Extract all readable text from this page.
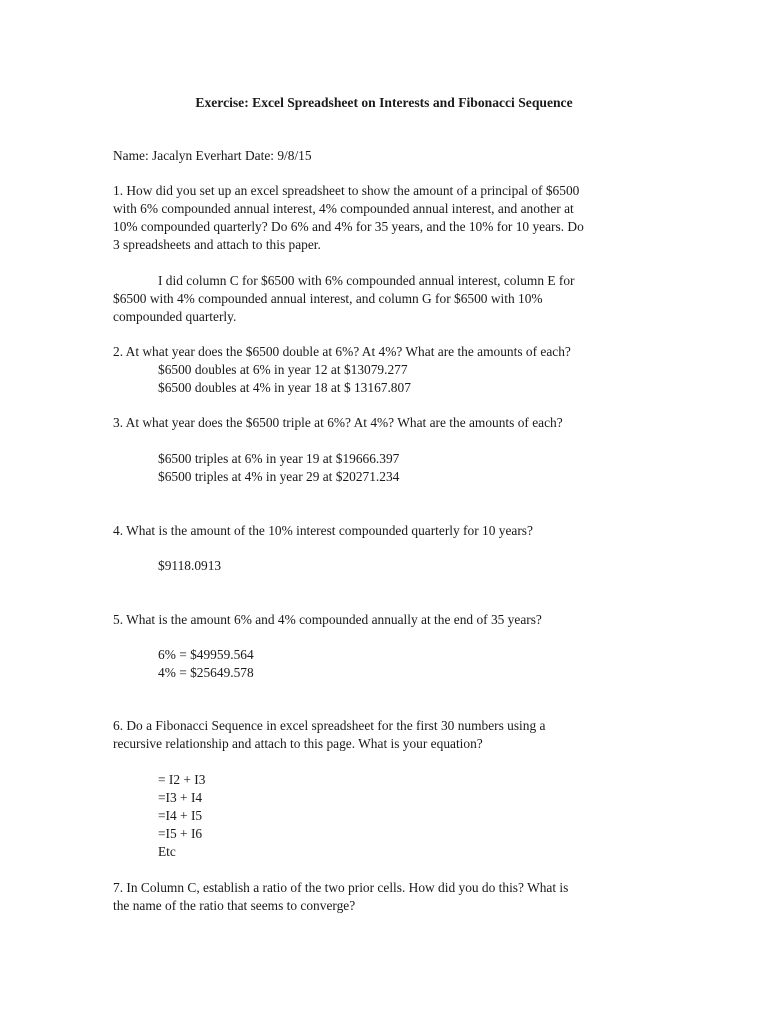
Exercise: Excel Spreadsheet on Interests and Fibonacci Sequence
Name: Jacalyn Everhart Date: 9/8/15
1. How did you set up an excel spreadsheet to show the amount of a principal of $6500
with 6% compounded annual interest, 4% compounded annual interest, and another at
10% compounded quarterly? Do 6% and 4% for 35 years, and the 10% for 10 years. Do
3 spreadsheets and attach to this paper.
I did column C for $6500 with 6% compounded annual interest, column E for
$6500 with 4% compounded annual interest, and column G for $6500 with 10%
compounded quarterly.
2. At what year does the $6500 double at 6%? At 4%? What are the amounts of each?
$6500 doubles at 6% in year 12 at $13079.277
$6500 doubles at 4% in year 18 at $ 13167.807
3. At what year does the $6500 triple at 6%? At 4%? What are the amounts of each?
$6500 triples at 6% in year 19 at $19666.397
$6500 triples at 4% in year 29 at $20271.234
4. What is the amount of the 10% interest compounded quarterly for 10 years?
$9118.0913
5. What is the amount 6% and 4% compounded annually at the end of 35 years?
6% = $49959.564
4% = $25649.578
6. Do a Fibonacci Sequence in excel spreadsheet for the first 30 numbers using a
recursive relationship and attach to this page. What is your equation?
= I2 + I3
=I3 + I4
=I4 + I5
=I5 + I6
Etc
7. In Column C, establish a ratio of the two prior cells. How did you do this? What is
the name of the ratio that seems to converge?
